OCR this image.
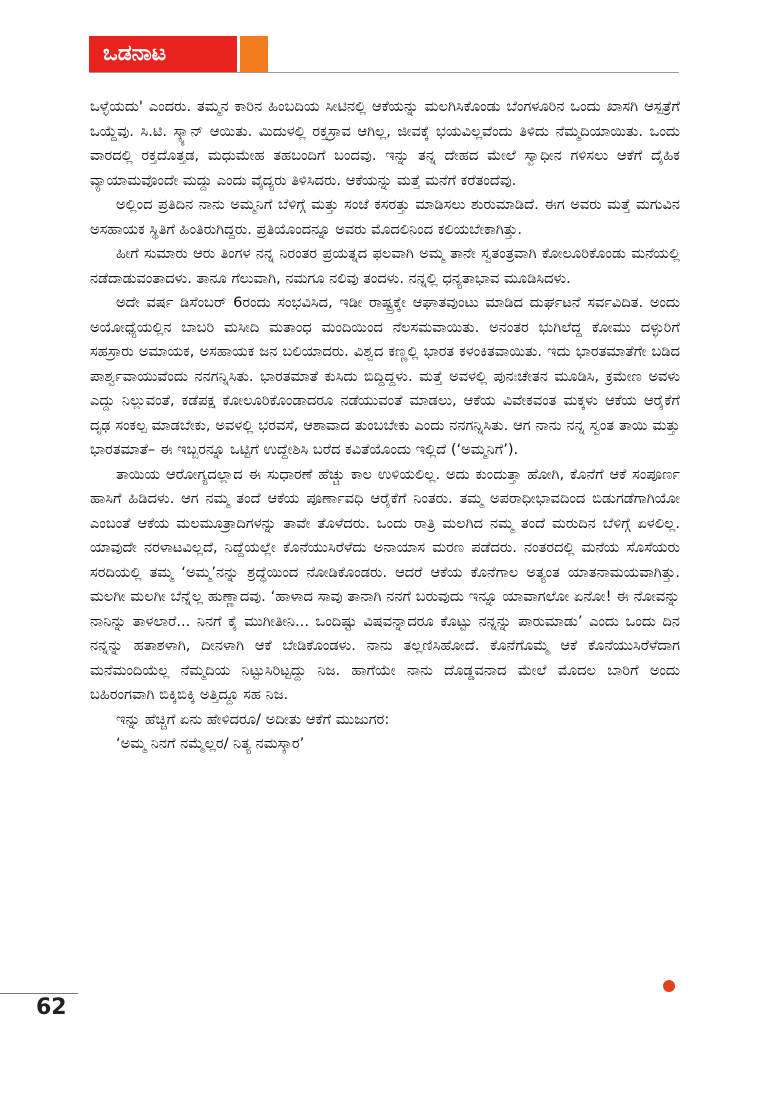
ಒಡನಾಟ

ಒಳ್ಳೆಯದು' ಎಂದರು. ತಮ್ಮನ ಕಾರಿನ ಹಿಂಬದಿಯ ಸೀಟಿನಲ್ಲಿ ಆಕೆಯನ್ನು ಮಲಗಿಸಿಕೊಂಡು ಬೆಂಗಳೂರಿನ ಒಂದು ಖಾಸಗಿ ಆಸ್ಪತ್ರೆಗೆ ಒಯ್ದೆವು. ಸಿ.ಟಿ. ಸ್ಕ್ಯಾನ್ ಆಯಿತು. ಮಿದುಳಲ್ಲಿ ರಕ್ತಸ್ರಾವ ಆಗಿಲ್ಲ, ಜೀವಕ್ಕೆ ಭಯವಿಲ್ಲವೆಂದು ತಿಳಿದು ನೆಮ್ಮದಿಯಾಯಿತು. ಒಂದು ವಾರದಲ್ಲಿ ರಕ್ತದೊತ್ತಡ, ಮಧುಮೇಹ ತಹಬಂದಿಗೆ ಬಂದವು. ಇನ್ನು ತನ್ನ ದೇಹದ ಮೇಲೆ ಸ್ವಾಧೀನ ಗಳಿಸಲು ಆಕೆಗೆ ದೈಹಿಕ ವ್ಯಾಯಾಮವೊಂದೇ ಮದ್ದು ಎಂದು ವೈದ್ಯರು ತಿಳಿಸಿದರು. ಆಕೆಯನ್ನು ಮತ್ತೆ ಮನೆಗೆ ಕರೆತಂದೆವು.

ಅಲ್ಲಿಂದ ಪ್ರತಿದಿನ ನಾನು ಅಮ್ಮನಿಗೆ ಬೆಳಿಗ್ಗೆ ಮತ್ತು ಸಂಜೆ ಕಸರತ್ತು ಮಾಡಿಸಲು ಶುರುಮಾಡಿದೆ. ಈಗ ಅವರು ಮತ್ತೆ ಮಗುವಿನ ಅಸಹಾಯಕ ಸ್ಥಿತಿಗೆ ಹಿಂತಿರುಗಿದ್ದರು. ಪ್ರತಿಯೊಂದನ್ನೂ ಅವರು ಮೊದಲಿನಿಂದ ಕಲಿಯಬೇಕಾಗಿತ್ತು.

ಹೀಗೆ ಸುಮಾರು ಆರು ತಿಂಗಳ ನನ್ನ ನಿರಂತರ ಪ್ರಯತ್ನದ ಫಲವಾಗಿ ಅಮ್ಮ ತಾನೇ ಸ್ವತಂತ್ರವಾಗಿ ಕೋಲೂರಿಕೊಂಡು ಮನೆಯಲ್ಲಿ ನಡೆದಾಡುವಂತಾದಳು. ತಾನೂ ಗೆಲುವಾಗಿ, ನಮಗೂ ನಲಿವು ತಂದಳು. ನನ್ನಲ್ಲಿ ಧನ್ಯತಾಭಾವ ಮೂಡಿಸಿದಳು.

ಅದೇ ವರ್ಷ ಡಿಸೆಂಬರ್ 6ರಂದು ಸಂಭವಿಸಿದ, ಇಡೀ ರಾಷ್ಟ್ರಕ್ಕೇ ಆಘಾತವುಂಟು ಮಾಡಿದ ದುರ್ಘಟನೆ ಸರ್ವವಿದಿತ. ಅಂದು ಅಯೋಧ್ಯೆಯಲ್ಲಿನ ಬಾಬರಿ ಮಸೀದಿ ಮತಾಂಧ ಮಂದಿಯಿಂದ ನೆಲಸಮವಾಯಿತು. ಅನಂತರ ಭುಗಿಲೆದ್ದ ಕೋಮು ದಳ್ಳುರಿಗೆ ಸಹಸ್ರಾರು ಅಮಾಯಕ, ಅಸಹಾಯಕ ಜನ ಬಲಿಯಾದರು. ವಿಶ್ವದ ಕಣ್ಣಲ್ಲಿ ಭಾರತ ಕಳಂಕಿತವಾಯಿತು. ಇದು ಭಾರತಮಾತೆಗೇ ಬಡಿದ ಪಾರ್ಶ್ವವಾಯುವೆಂದು ನನಗನ್ನಿಸಿತು. ಭಾರತಮಾತೆ ಕುಸಿದು ಬಿದ್ದಿದ್ದಳು. ಮತ್ತೆ ಅವಳಲ್ಲಿ ಪುನಃಚೇತನ ಮೂಡಿಸಿ, ಕ್ರಮೇಣ ಅವಳು ಎದ್ದು ನಿಲ್ಲುವಂತೆ, ಕಡೆಪಕ್ಷ ಕೋಲೂರಿಕೊಂಡಾದರೂ ನಡೆಯುವಂತೆ ಮಾಡಲು, ಆಕೆಯ ವಿವೇಕವಂತ ಮಕ್ಕಳು ಆಕೆಯ ಆರೈಕೆಗೆ ದೃಢ ಸಂಕಲ್ಪ ಮಾಡಬೇಕು, ಅವಳಲ್ಲಿ ಭರವಸೆ, ಆಶಾವಾದ ತುಂಬಬೇಕು ಎಂದು ನನಗನ್ನಿಸಿತು. ಆಗ ನಾನು ನನ್ನ ಸ್ವಂತ ತಾಯಿ ಮತ್ತು ಭಾರತಮಾತೆ– ಈ ಇಬ್ಬರನ್ನೂ ಒಟ್ಟಿಗೆ ಉದ್ದೇಶಿಸಿ ಬರೆದ ಕವಿತೆಯೊಂದು ಇಲ್ಲಿದೆ (‘ಅಮ್ಮನಿಗೆ’).

ತಾಯಿಯ ಆರೋಗ್ಯದಲ್ಲಾದ ಈ ಸುಧಾರಣೆ ಹೆಚ್ಚು ಕಾಲ ಉಳಿಯಲಿಲ್ಲ. ಅದು ಕುಂದುತ್ತಾ ಹೋಗಿ, ಕೊನೆಗೆ ಆಕೆ ಸಂಪೂರ್ಣ ಹಾಸಿಗೆ ಹಿಡಿದಳು. ಆಗ ನಮ್ಮ ತಂದೆ ಆಕೆಯ ಪೂರ್ಣಾವಧಿ ಆರೈಕೆಗೆ ನಿಂತರು. ತಮ್ಮ ಅಪರಾಧೀಭಾವದಿಂದ ಬಿಡುಗಡೆಗಾಗಿಯೋ ಎಂಬಂತೆ ಆಕೆಯ ಮಲಮೂತ್ರಾದಿಗಳನ್ನು ತಾವೇ ತೊಳೆದರು. ಒಂದು ರಾತ್ರಿ ಮಲಗಿದ ನಮ್ಮ ತಂದೆ ಮರುದಿನ ಬೆಳಿಗ್ಗೆ ಏಳಲಿಲ್ಲ. ಯಾವುದೇ ನರಳಾಟವಿಲ್ಲದೆ, ನಿದ್ದೆಯಲ್ಲೇ ಕೊನೆಯುಸಿರೆಳೆದು ಅನಾಯಾಸ ಮರಣ ಪಡೆದರು. ನಂತರದಲ್ಲಿ ಮನೆಯ ಸೊಸೆಯರು ಸರದಿಯಲ್ಲಿ ತಮ್ಮ ‘ಅಮ್ಮ’ನನ್ನು ಶ್ರದ್ಧೆಯಿಂದ ನೋಡಿಕೊಂಡರು. ಆದರೆ ಆಕೆಯ ಕೊನೆಗಾಲ ಅತ್ಯಂತ ಯಾತನಾಮಯವಾಗಿತ್ತು. ಮಲಗೀ ಮಲಗೀ ಬೆನ್ನೆಲ್ಲ ಹುಣ್ಣಾದವು. ‘ಹಾಳಾದ ಸಾವು ತಾನಾಗಿ ನನಗೆ ಬರುವುದು ಇನ್ನೂ ಯಾವಾಗಲೋ ಏನೋ! ಈ ನೋವನ್ನು ನಾನಿನ್ನು ತಾಳಲಾರೆ... ನಿನಗೆ ಕೈ ಮುಗೀತೀನಿ... ಒಂದಿಷ್ಟು ವಿಷವನ್ನಾದರೂ ಕೊಟ್ಟು ನನ್ನನ್ನು ಪಾರುಮಾಡು’ ಎಂದು ಒಂದು ದಿನ ನನ್ನನ್ನು ಹತಾಶಳಾಗಿ, ದೀನಳಾಗಿ ಆಕೆ ಬೇಡಿಕೊಂಡಳು. ನಾನು ತಲ್ಲಣಿಸಿಹೋದೆ. ಕೊನೆಗೊಮ್ಮೆ ಆಕೆ ಕೊನೆಯುಸಿರೆಳೆದಾಗ ಮನೆಮಂದಿಯೆಲ್ಲ ನೆಮ್ಮದಿಯ ನಿಟ್ಟುಸಿರಿಟ್ಟದ್ದು ನಿಜ. ಹಾಗೆಯೇ ನಾನು ದೊಡ್ಡವನಾದ ಮೇಲೆ ಮೊದಲ ಬಾರಿಗೆ ಅಂದು ಬಹಿರಂಗವಾಗಿ ಬಿಕ್ಕಿಬಿಕ್ಕಿ ಅತ್ತಿದ್ದೂ ಸಹ ನಿಜ.

ಇನ್ನು ಹೆಚ್ಚಿಗೆ ಏನು ಹೇಳಿದರೂ/ ಅದೀತು ಆಕೆಗೆ ಮುಜುಗರ:

‘ಅಮ್ಮ ನಿನಗೆ ನಮ್ಮೆಲ್ಲರ/ ನಿತ್ಯ ನಮಸ್ಕಾರ’

62
